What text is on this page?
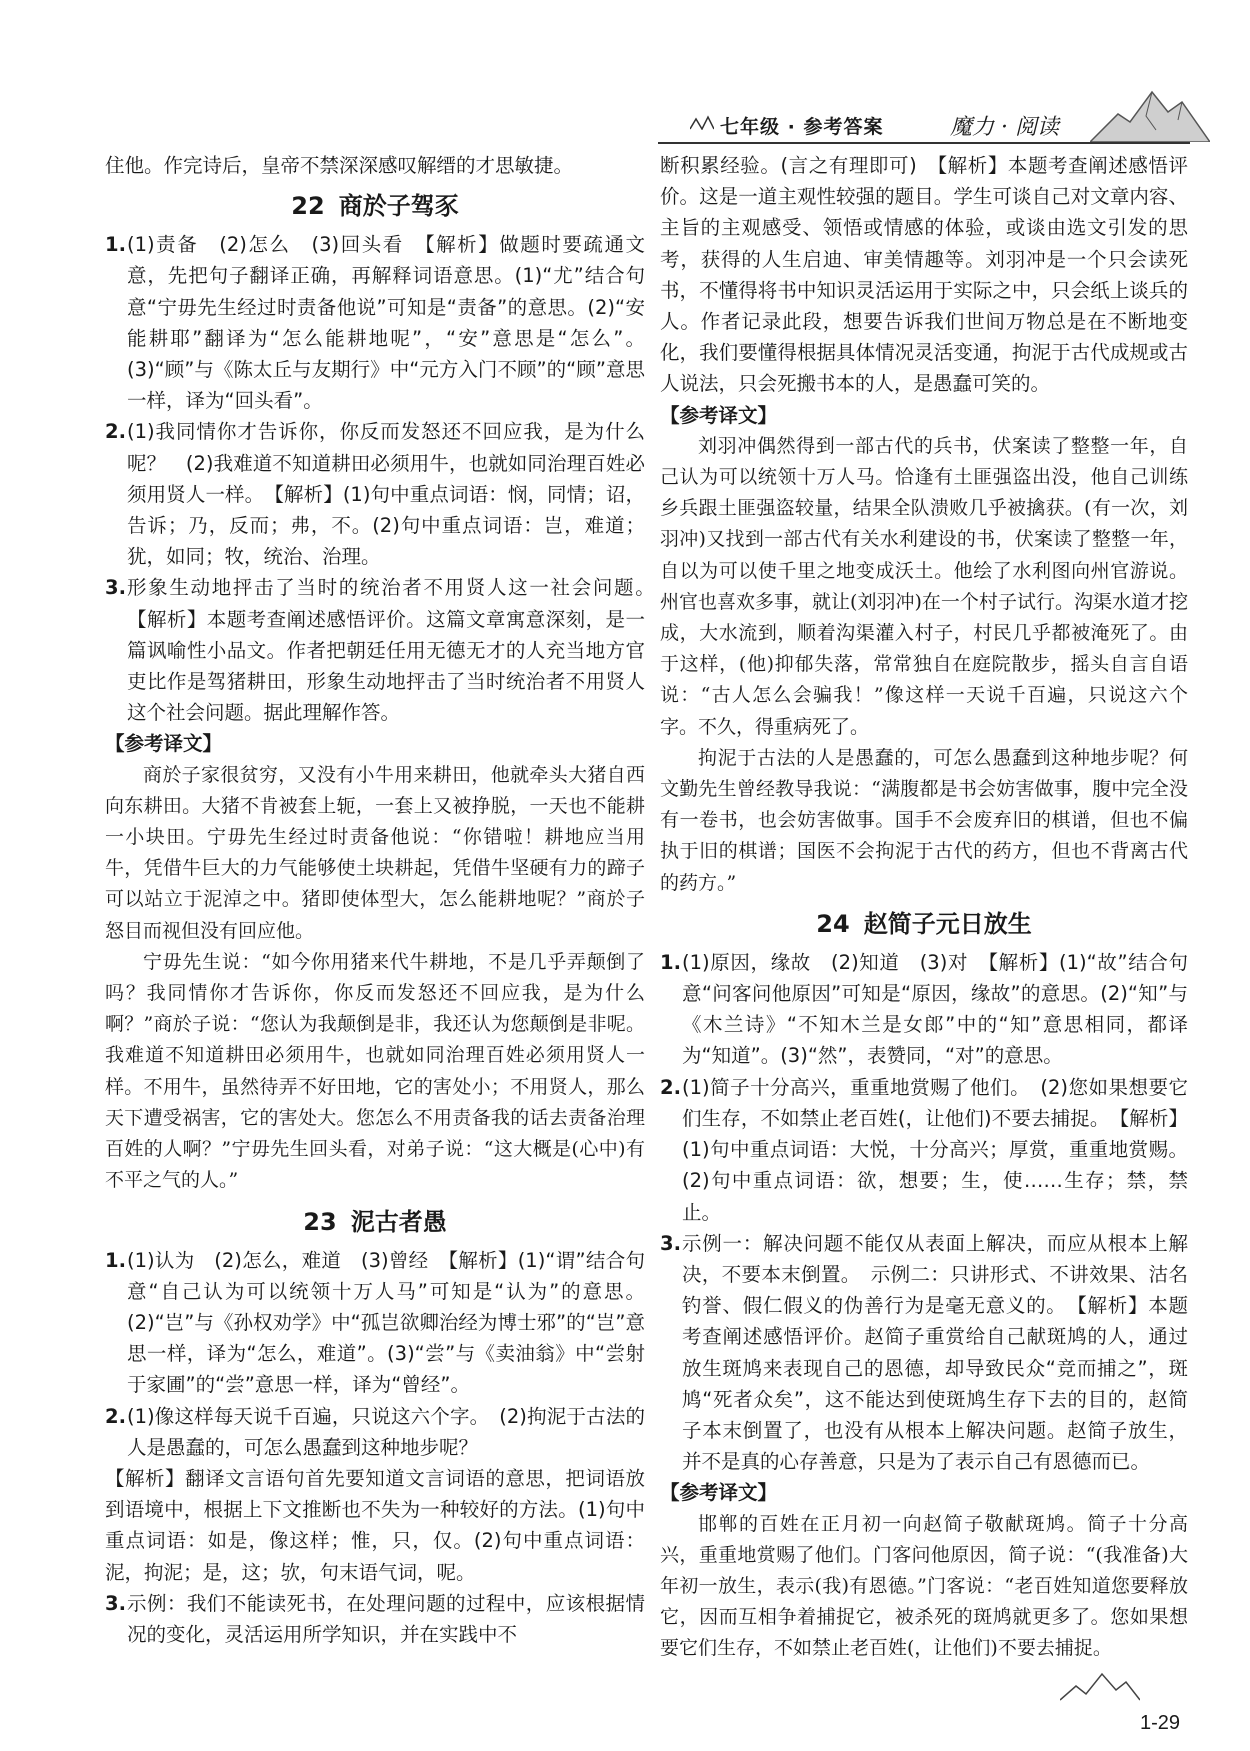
七年级 · 参考答案	魔力 · 阅读

住他。作完诗后，皇帝不禁深深感叹解缙的才思敏捷。

22 商於子驾豕
1. (1)责备　(2)怎么　(3)回头看　【解析】做题时要疏通文意，先把句子翻译正确，再解释词语意思。(1)“尤”结合句意“宁毋先生经过时责备他说”可知是“责备”的意思。(2)“安能耕耶”翻译为“怎么能耕地呢”，“安”意思是“怎么”。(3)“顾”与《陈太丘与友期行》中“元方入门不顾”的“顾”意思一样，译为“回头看”。
2. (1)我同情你才告诉你，你反而发怒还不回应我，是为什么呢？　(2)我难道不知道耕田必须用牛，也就如同治理百姓必须用贤人一样。　【解析】(1)句中重点词语：悯，同情；诏，告诉；乃，反而；弗，不。(2)句中重点词语：岂，难道；犹，如同；牧，统治、治理。
3. 形象生动地抨击了当时的统治者不用贤人这一社会问题。　【解析】本题考查阐述感悟评价。这篇文章寓意深刻，是一篇讽喻性小品文。作者把朝廷任用无德无才的人充当地方官吏比作是驾猪耕田，形象生动地抨击了当时统治者不用贤人这个社会问题。据此理解作答。

【参考译文】

商於子家很贫穷，又没有小牛用来耕田，他就牵头大猪自西向东耕田。大猪不肯被套上轭，一套上又被挣脱，一天也不能耕一小块田。宁毋先生经过时责备他说：“你错啦！耕地应当用牛，凭借牛巨大的力气能够使土块耕起，凭借牛坚硬有力的蹄子可以站立于泥淖之中。猪即使体型大，怎么能耕地呢？”商於子怒目而视但没有回应他。

宁毋先生说：“如今你用猪来代牛耕地，不是几乎弄颠倒了吗？我同情你才告诉你，你反而发怒还不回应我，是为什么啊？”商於子说：“您认为我颠倒是非，我还认为您颠倒是非呢。我难道不知道耕田必须用牛，也就如同治理百姓必须用贤人一样。不用牛，虽然待弄不好田地，它的害处小；不用贤人，那么天下遭受祸害，它的害处大。您怎么不用责备我的话去责备治理百姓的人啊？”宁毋先生回头看，对弟子说：“这大概是(心中)有不平之气的人。”

23 泥古者愚
1. (1)认为　(2)怎么，难道　(3)曾经　【解析】(1)“谓”结合句意“自己认为可以统领十万人马”可知是“认为”的意思。(2)“岂”与《孙权劝学》中“孤岂欲卿治经为博士邪”的“岂”意思一样，译为“怎么，难道”。(3)“尝”与《卖油翁》中“尝射于家圃”的“尝”意思一样，译为“曾经”。
2. (1)像这样每天说千百遍，只说这六个字。　(2)拘泥于古法的人是愚蠢的，可怎么愚蠢到这种地步呢？

【解析】翻译文言语句首先要知道文言词语的意思，把词语放到语境中，根据上下文推断也不失为一种较好的方法。(1)句中重点词语：如是，像这样；惟，只，仅。(2)句中重点词语：泥，拘泥；是，这；欤，句末语气词，呢。

3. 示例：我们不能读死书，在处理问题的过程中，应该根据情况的变化，灵活运用所学知识，并在实践中不

断积累经验。(言之有理即可)　【解析】本题考查阐述感悟评价。这是一道主观性较强的题目。学生可谈自己对文章内容、主旨的主观感受、领悟或情感的体验，或谈由选文引发的思考，获得的人生启迪、审美情趣等。刘羽冲是一个只会读死书，不懂得将书中知识灵活运用于实际之中，只会纸上谈兵的人。作者记录此段，想要告诉我们世间万物总是在不断地变化，我们要懂得根据具体情况灵活变通，拘泥于古代成规或古人说法，只会死搬书本的人，是愚蠢可笑的。

【参考译文】

刘羽冲偶然得到一部古代的兵书，伏案读了整整一年，自己认为可以统领十万人马。恰逢有土匪强盗出没，他自己训练乡兵跟土匪强盗较量，结果全队溃败几乎被擒获。(有一次，刘羽冲)又找到一部古代有关水利建设的书，伏案读了整整一年，自以为可以使千里之地变成沃土。他绘了水利图向州官游说。州官也喜欢多事，就让(刘羽冲)在一个村子试行。沟渠水道才挖成，大水流到，顺着沟渠灌入村子，村民几乎都被淹死了。由于这样，(他)抑郁失落，常常独自在庭院散步，摇头自言自语说：“古人怎么会骗我！”像这样一天说千百遍，只说这六个字。不久，得重病死了。

拘泥于古法的人是愚蠢的，可怎么愚蠢到这种地步呢？何文勤先生曾经教导我说：“满腹都是书会妨害做事，腹中完全没有一卷书，也会妨害做事。国手不会废弃旧的棋谱，但也不偏执于旧的棋谱；国医不会拘泥于古代的药方，但也不背离古代的药方。”

24 赵简子元日放生
1. (1)原因，缘故　(2)知道　(3)对　【解析】(1)“故”结合句意“问客问他原因”可知是“原因，缘故”的意思。(2)“知”与《木兰诗》“不知木兰是女郎”中的“知”意思相同，都译为“知道”。(3)“然”，表赞同，“对”的意思。
2. (1)简子十分高兴，重重地赏赐了他们。　(2)您如果想要它们生存，不如禁止老百姓(，让他们)不要去捕捉。　【解析】(1)句中重点词语：大悦，十分高兴；厚赏，重重地赏赐。(2)句中重点词语：欲，想要；生，使……生存；禁，禁止。
3. 示例一：解决问题不能仅从表面上解决，而应从根本上解决，不要本末倒置。　示例二：只讲形式、不讲效果、沽名钓誉、假仁假义的伪善行为是毫无意义的。　【解析】本题考查阐述感悟评价。赵简子重赏给自己献斑鸠的人，通过放生斑鸠来表现自己的恩德，却导致民众“竞而捕之”，斑鸠“死者众矣”，这不能达到使斑鸠生存下去的目的，赵简子本末倒置了，也没有从根本上解决问题。赵简子放生，并不是真的心存善意，只是为了表示自己有恩德而已。

【参考译文】

邯郸的百姓在正月初一向赵简子敬献斑鸠。简子十分高兴，重重地赏赐了他们。门客问他原因，简子说：“(我准备)大年初一放生，表示(我)有恩德。”门客说：“老百姓知道您要释放它，因而互相争着捕捉它，被杀死的斑鸠就更多了。您如果想要它们生存，不如禁止老百姓(，让他们)不要去捕捉。

1-29
